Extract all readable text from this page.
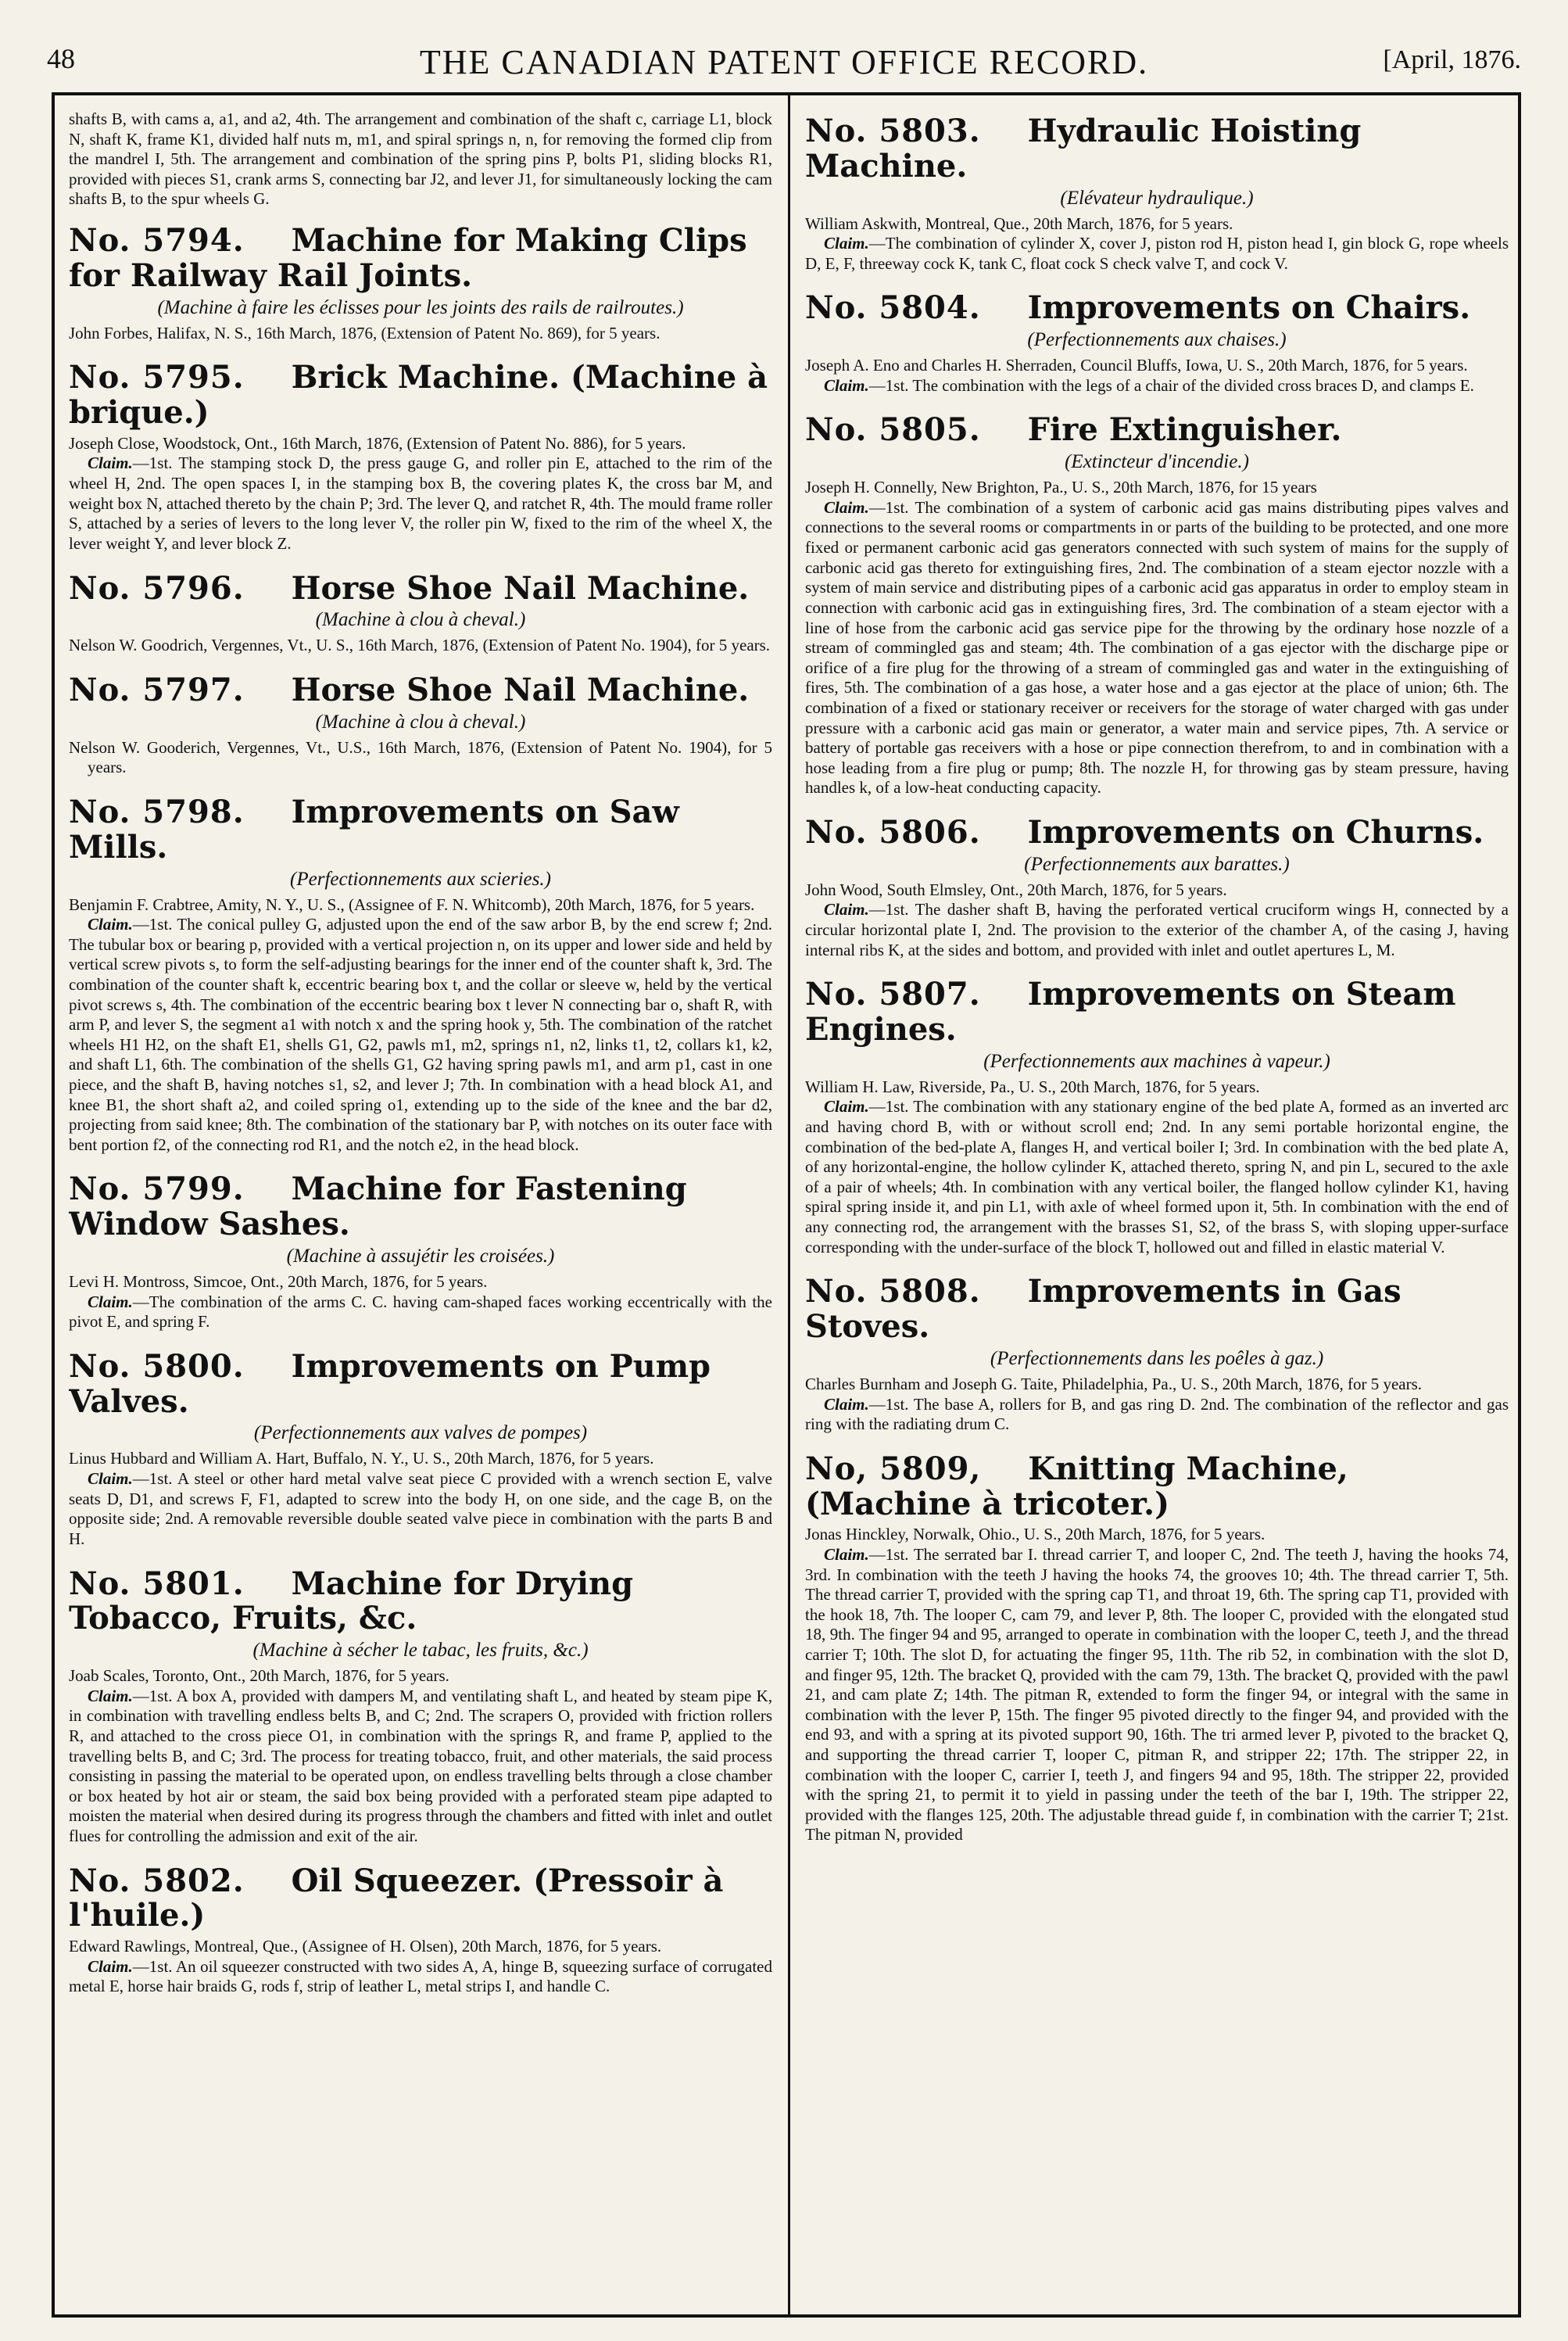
48	THE CANADIAN PATENT OFFICE RECORD.	[April, 1876.

shafts B, with cams a, a1, and a2, 4th. The arrangement and combination of the shaft c, carriage L1, block N, shaft K, frame K1, divided half nuts m, m1, and spiral springs n, n, for removing the formed clip from the mandrel I, 5th. The arrangement and combination of the spring pins P, bolts P1, sliding blocks R1, provided with pieces S1, crank arms S, connecting bar J2, and lever J1, for simultaneously locking the cam shafts B, to the spur wheels G.

No. 5794. Machine for Making Clips for Railway Rail Joints.
(Machine à faire les éclisses pour les joints des rails de railroutes.)

John Forbes, Halifax, N. S., 16th March, 1876, (Extension of Patent No. 869), for 5 years.

No. 5795. Brick Machine. (Machine à brique.)

Joseph Close, Woodstock, Ont., 16th March, 1876, (Extension of Patent No. 886), for 5 years.

Claim.—1st. The stamping stock D, the press gauge G, and roller pin E, attached to the rim of the wheel H, 2nd. The open spaces I, in the stamping box B, the covering plates K, the cross bar M, and weight box N, attached thereto by the chain P; 3rd. The lever Q, and ratchet R, 4th. The mould frame roller S, attached by a series of levers to the long lever V, the roller pin W, fixed to the rim of the wheel X, the lever weight Y, and lever block Z.

No. 5796. Horse Shoe Nail Machine.
(Machine à clou à cheval.)

Nelson W. Goodrich, Vergennes, Vt., U. S., 16th March, 1876, (Extension of Patent No. 1904), for 5 years.

No. 5797. Horse Shoe Nail Machine.
(Machine à clou à cheval.)

Nelson W. Gooderich, Vergennes, Vt., U.S., 16th March, 1876, (Extension of Patent No. 1904), for 5 years.

No. 5798. Improvements on Saw Mills.
(Perfectionnements aux scieries.)

Benjamin F. Crabtree, Amity, N. Y., U. S., (Assignee of F. N. Whitcomb), 20th March, 1876, for 5 years.

Claim.—1st. The conical pulley G, adjusted upon the end of the saw arbor B, by the end screw f; 2nd. The tubular box or bearing p, provided with a vertical projection n, on its upper and lower side and held by vertical screw pivots s, to form the self-adjusting bearings for the inner end of the counter shaft k, 3rd. The combination of the counter shaft k, eccentric bearing box t, and the collar or sleeve w, held by the vertical pivot screws s, 4th. The combination of the eccentric bearing box t lever N connecting bar o, shaft R, with arm P, and lever S, the segment a1 with notch x and the spring hook y, 5th. The combination of the ratchet wheels H1 H2, on the shaft E1, shells G1, G2, pawls m1, m2, springs n1, n2, links t1, t2, collars k1, k2, and shaft L1, 6th. The combination of the shells G1, G2 having spring pawls m1, and arm p1, cast in one piece, and the shaft B, having notches s1, s2, and lever J; 7th. In combination with a head block A1, and knee B1, the short shaft a2, and coiled spring o1, extending up to the side of the knee and the bar d2, projecting from said knee; 8th. The combination of the stationary bar P, with notches on its outer face with bent portion f2, of the connecting rod R1, and the notch e2, in the head block.

No. 5799. Machine for Fastening Window Sashes.
(Machine à assujétir les croisées.)

Levi H. Montross, Simcoe, Ont., 20th March, 1876, for 5 years.

Claim.—The combination of the arms C. C. having cam-shaped faces working eccentrically with the pivot E, and spring F.

No. 5800. Improvements on Pump Valves.
(Perfectionnements aux valves de pompes)

Linus Hubbard and William A. Hart, Buffalo, N. Y., U. S., 20th March, 1876, for 5 years.

Claim.—1st. A steel or other hard metal valve seat piece C provided with a wrench section E, valve seats D, D1, and screws F, F1, adapted to screw into the body H, on one side, and the cage B, on the opposite side; 2nd. A removable reversible double seated valve piece in combination with the parts B and H.

No. 5801. Machine for Drying Tobacco, Fruits, &c.
(Machine à sécher le tabac, les fruits, &c.)

Joab Scales, Toronto, Ont., 20th March, 1876, for 5 years.

Claim.—1st. A box A, provided with dampers M, and ventilating shaft L, and heated by steam pipe K, in combination with travelling endless belts B, and C; 2nd. The scrapers O, provided with friction rollers R, and attached to the cross piece O1, in combination with the springs R, and frame P, applied to the travelling belts B, and C; 3rd. The process for treating tobacco, fruit, and other materials, the said process consisting in passing the material to be operated upon, on endless travelling belts through a close chamber or box heated by hot air or steam, the said box being provided with a perforated steam pipe adapted to moisten the material when desired during its progress through the chambers and fitted with inlet and outlet flues for controlling the admission and exit of the air.

No. 5802. Oil Squeezer. (Pressoir à l'huile.)

Edward Rawlings, Montreal, Que., (Assignee of H. Olsen), 20th March, 1876, for 5 years.

Claim.—1st. An oil squeezer constructed with two sides A, A, hinge B, squeezing surface of corrugated metal E, horse hair braids G, rods f, strip of leather L, metal strips I, and handle C.

No. 5803. Hydraulic Hoisting Machine.
(Elévateur hydraulique.)

William Askwith, Montreal, Que., 20th March, 1876, for 5 years.

Claim.—The combination of cylinder X, cover J, piston rod H, piston head I, gin block G, rope wheels D, E, F, threeway cock K, tank C, float cock S check valve T, and cock V.

No. 5804. Improvements on Chairs.
(Perfectionnements aux chaises.)

Joseph A. Eno and Charles H. Sherraden, Council Bluffs, Iowa, U. S., 20th March, 1876, for 5 years.

Claim.—1st. The combination with the legs of a chair of the divided cross braces D, and clamps E.

No. 5805. Fire Extinguisher.
(Extincteur d'incendie.)

Joseph H. Connelly, New Brighton, Pa., U. S., 20th March, 1876, for 15 years

Claim.—1st. The combination of a system of carbonic acid gas mains distributing pipes valves and connections to the several rooms or compartments in or parts of the building to be protected, and one more fixed or permanent carbonic acid gas generators connected with such system of mains for the supply of carbonic acid gas thereto for extinguishing fires, 2nd. The combination of a steam ejector nozzle with a system of main service and distributing pipes of a carbonic acid gas apparatus in order to employ steam in connection with carbonic acid gas in extinguishing fires, 3rd. The combination of a steam ejector with a line of hose from the carbonic acid gas service pipe for the throwing by the ordinary hose nozzle of a stream of commingled gas and steam; 4th. The combination of a gas ejector with the discharge pipe or orifice of a fire plug for the throwing of a stream of commingled gas and water in the extinguishing of fires, 5th. The combination of a gas hose, a water hose and a gas ejector at the place of union; 6th. The combination of a fixed or stationary receiver or receivers for the storage of water charged with gas under pressure with a carbonic acid gas main or generator, a water main and service pipes, 7th. A service or battery of portable gas receivers with a hose or pipe connection therefrom, to and in combination with a hose leading from a fire plug or pump; 8th. The nozzle H, for throwing gas by steam pressure, having handles k, of a low-heat conducting capacity.

No. 5806. Improvements on Churns.
(Perfectionnements aux barattes.)

John Wood, South Elmsley, Ont., 20th March, 1876, for 5 years.

Claim.—1st. The dasher shaft B, having the perforated vertical cruciform wings H, connected by a circular horizontal plate I, 2nd. The provision to the exterior of the chamber A, of the casing J, having internal ribs K, at the sides and bottom, and provided with inlet and outlet apertures L, M.

No. 5807. Improvements on Steam Engines.
(Perfectionnements aux machines à vapeur.)

William H. Law, Riverside, Pa., U. S., 20th March, 1876, for 5 years.

Claim.—1st. The combination with any stationary engine of the bed plate A, formed as an inverted arc and having chord B, with or without scroll end; 2nd. In any semi portable horizontal engine, the combination of the bed-plate A, flanges H, and vertical boiler I; 3rd. In combination with the bed plate A, of any horizontal-engine, the hollow cylinder K, attached thereto, spring N, and pin L, secured to the axle of a pair of wheels; 4th. In combination with any vertical boiler, the flanged hollow cylinder K1, having spiral spring inside it, and pin L1, with axle of wheel formed upon it, 5th. In combination with the end of any connecting rod, the arrangement with the brasses S1, S2, of the brass S, with sloping upper-surface corresponding with the under-surface of the block T, hollowed out and filled in elastic material V.

No. 5808. Improvements in Gas Stoves.
(Perfectionnements dans les poêles à gaz.)

Charles Burnham and Joseph G. Taite, Philadelphia, Pa., U. S., 20th March, 1876, for 5 years.

Claim.—1st. The base A, rollers for B, and gas ring D. 2nd. The combination of the reflector and gas ring with the radiating drum C.

No, 5809, Knitting Machine, (Machine à tricoter.)

Jonas Hinckley, Norwalk, Ohio., U. S., 20th March, 1876, for 5 years.

Claim.—1st. The serrated bar I. thread carrier T, and looper C, 2nd. The teeth J, having the hooks 74, 3rd. In combination with the teeth J having the hooks 74, the grooves 10; 4th. The thread carrier T, 5th. The thread carrier T, provided with the spring cap T1, and throat 19, 6th. The spring cap T1, provided with the hook 18, 7th. The looper C, cam 79, and lever P, 8th. The looper C, provided with the elongated stud 18, 9th. The finger 94 and 95, arranged to operate in combination with the looper C, teeth J, and the thread carrier T; 10th. The slot D, for actuating the finger 95, 11th. The rib 52, in combination with the slot D, and finger 95, 12th. The bracket Q, provided with the cam 79, 13th. The bracket Q, provided with the pawl 21, and cam plate Z; 14th. The pitman R, extended to form the finger 94, or integral with the same in combination with the lever P, 15th. The finger 95 pivoted directly to the finger 94, and provided with the end 93, and with a spring at its pivoted support 90, 16th. The tri armed lever P, pivoted to the bracket Q, and supporting the thread carrier T, looper C, pitman R, and stripper 22; 17th. The stripper 22, in combination with the looper C, carrier I, teeth J, and fingers 94 and 95, 18th. The stripper 22, provided with the spring 21, to permit it to yield in passing under the teeth of the bar I, 19th. The stripper 22, provided with the flanges 125, 20th. The adjustable thread guide f, in combination with the carrier T; 21st. The pitman N, provided
